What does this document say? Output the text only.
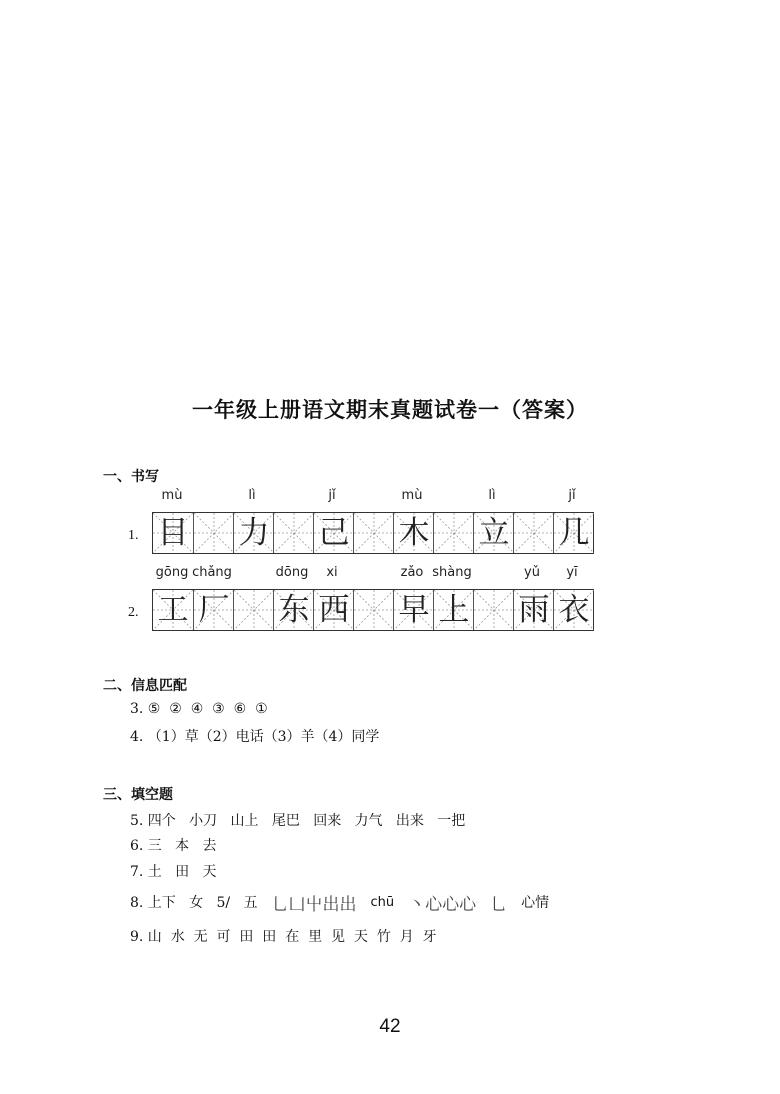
一年级上册语文期末真题试卷一（答案）
一、书写
mù	lì	jǐ	mù	lì	jǐ
1. 目 力 己 木 立 几
gōng chǎng	dōng	xi	zǎo shàng	yǔ	yī
2. 工 厂 东 西 早 上 雨 衣
二、信息匹配
3. ⑤  ②  ④  ③  ⑥  ①
4. （1）草（2）电话（3）羊（4）同学
三、填空题
5. 四个   小刀   山上   尾巴   回来   力气   出来   一把
6. 三   本   去
7. 土   田   天
8. 上下   女   5/   五 乚凵屮出出 chū 丶心心心 乚 心情
9. 山  水  无  可  田  田  在  里  见  天  竹  月  牙
42
